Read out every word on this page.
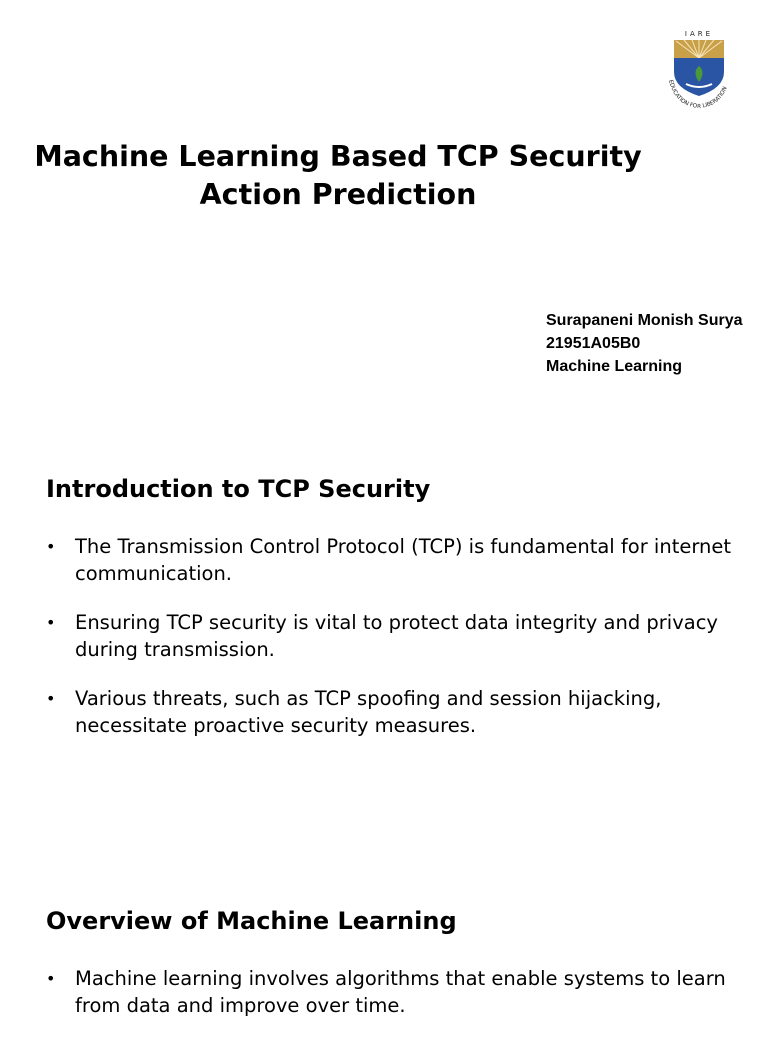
IARE
EDUCATION FOR LIBERATION
Machine Learning Based TCP Security
Action Prediction
Surapaneni Monish Surya
21951A05B0
Machine Learning
Introduction to TCP Security
• The Transmission Control Protocol (TCP) is fundamental for internet communication.
• Ensuring TCP security is vital to protect data integrity and privacy during transmission.
• Various threats, such as TCP spoofing and session hijacking, necessitate proactive security measures.
Overview of Machine Learning
• Machine learning involves algorithms that enable systems to learn from data and improve over time.
